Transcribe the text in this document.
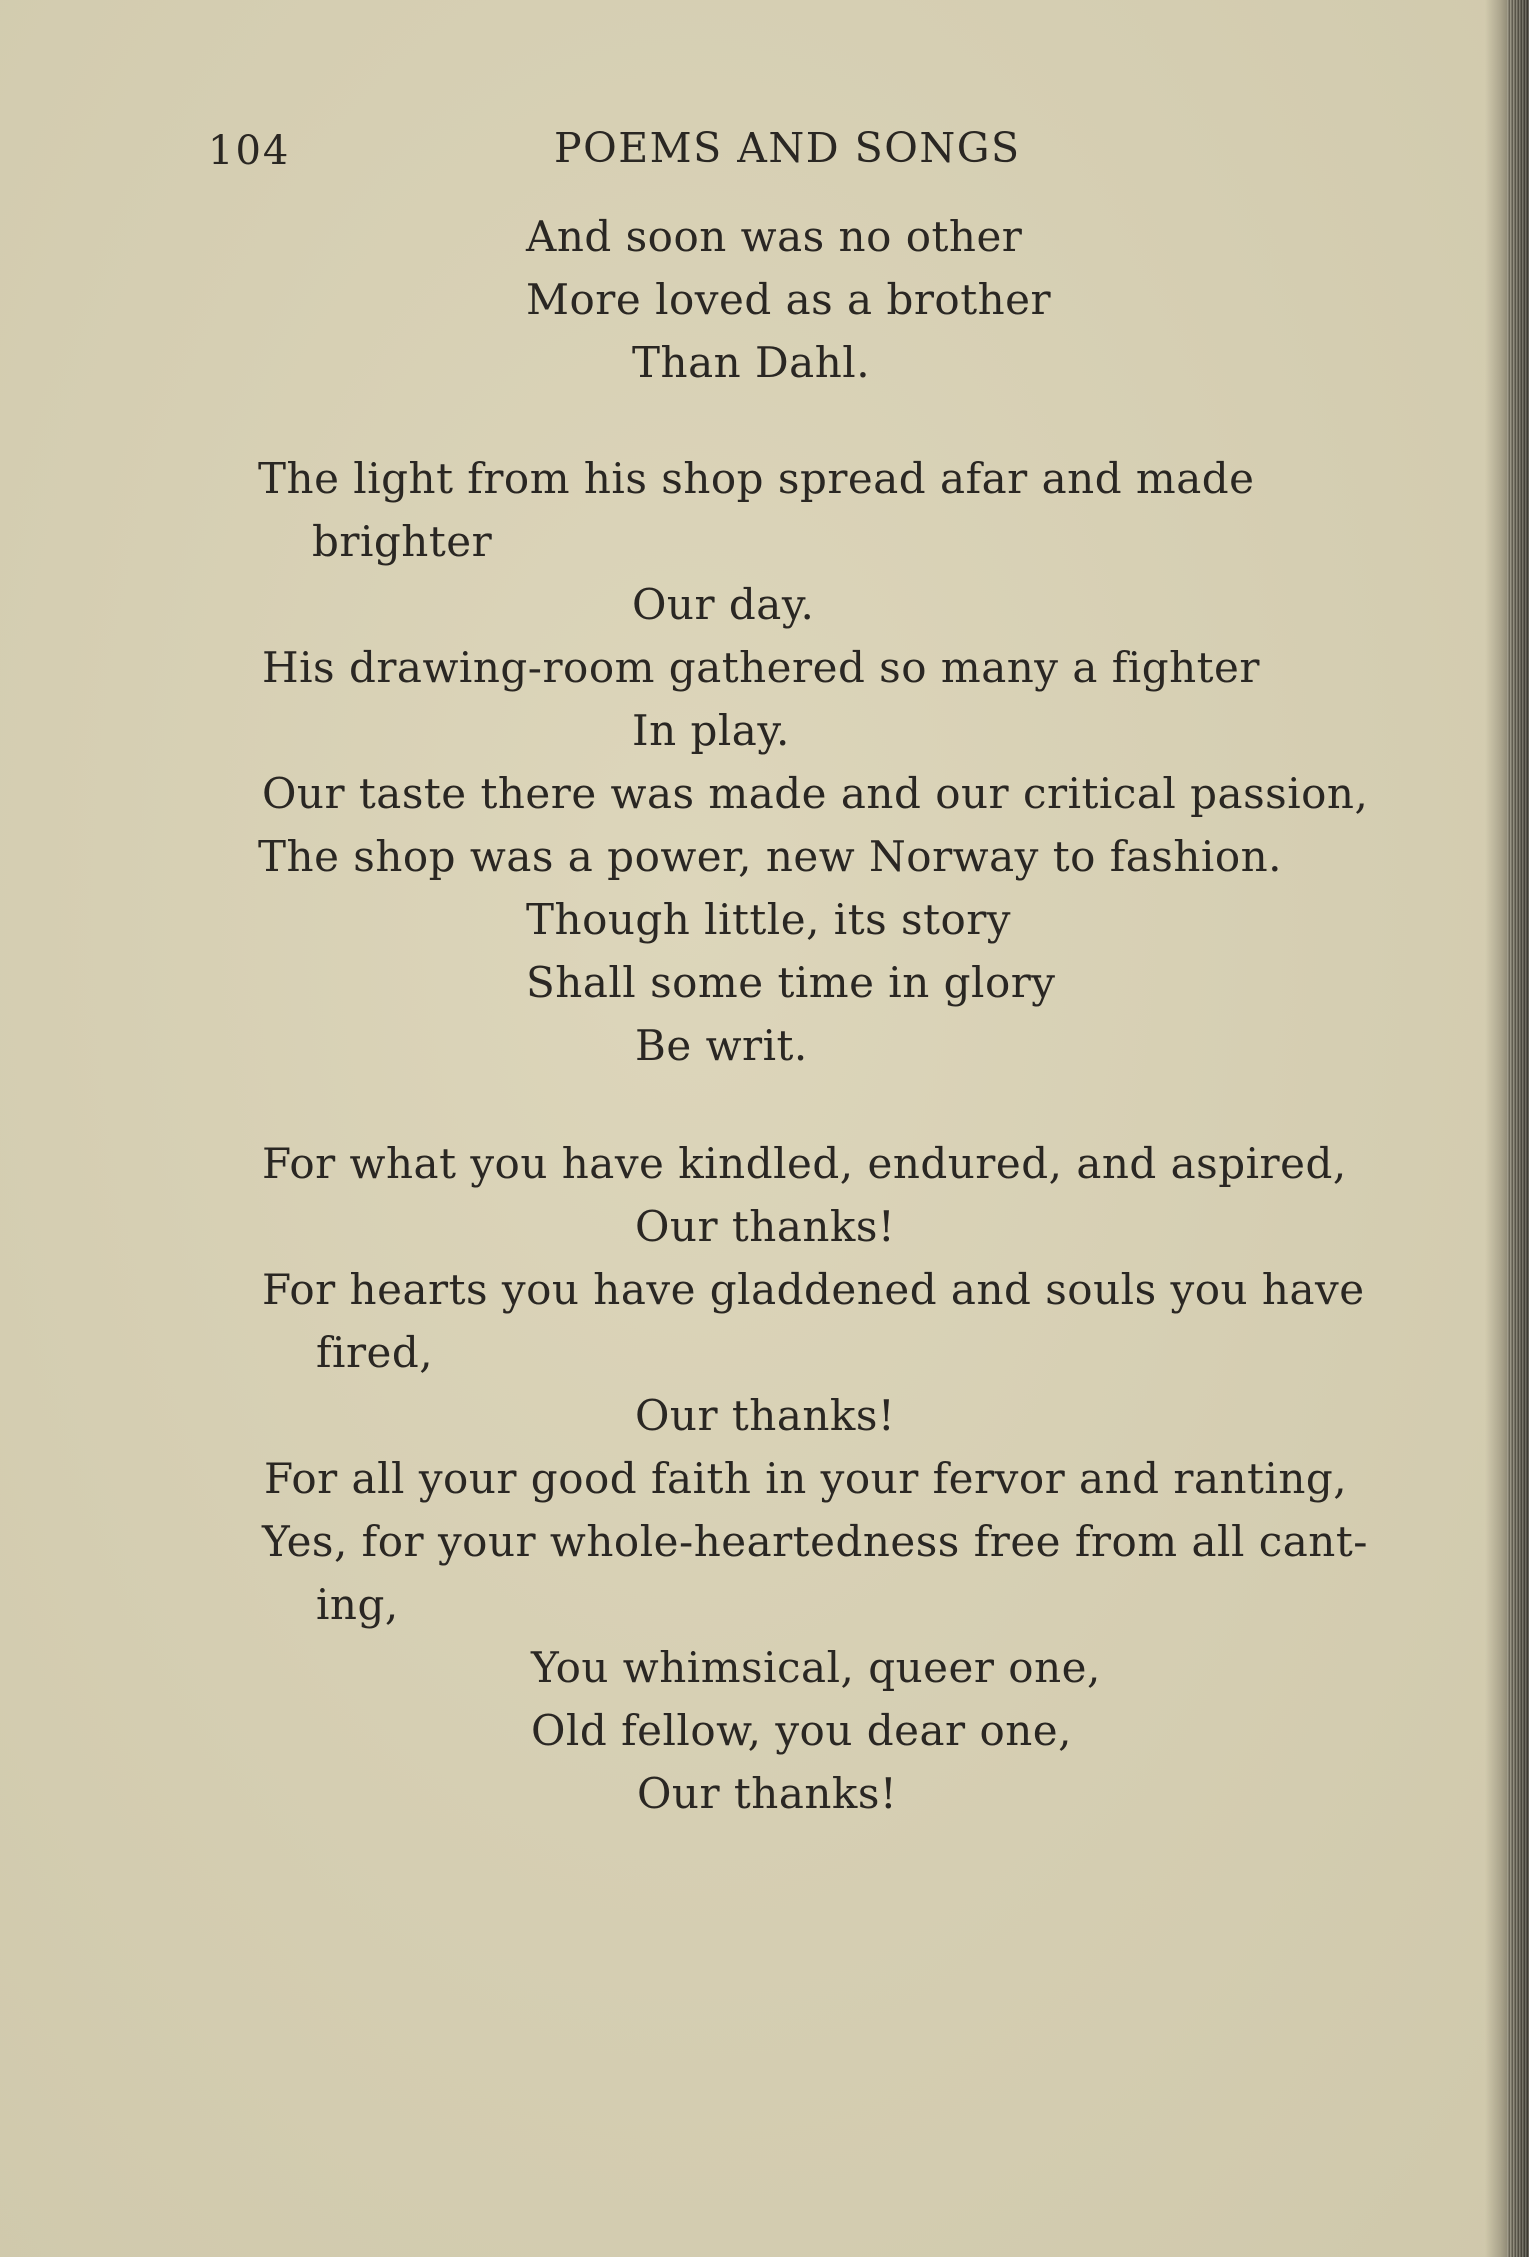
104	POEMS AND SONGS
And soon was no other
More loved as a brother
Than Dahl.
The light from his shop spread afar and made
brighter
Our day.
His drawing-room gathered so many a fighter
In play.
Our taste there was made and our critical passion,
The shop was a power, new Norway to fashion.
Though little, its story
Shall some time in glory
Be writ.
For what you have kindled, endured, and aspired,
Our thanks!
For hearts you have gladdened and souls you have
fired,
Our thanks!
For all your good faith in your fervor and ranting,
Yes, for your whole-heartedness free from all cant-
ing,
You whimsical, queer one,
Old fellow, you dear one,
Our thanks!
